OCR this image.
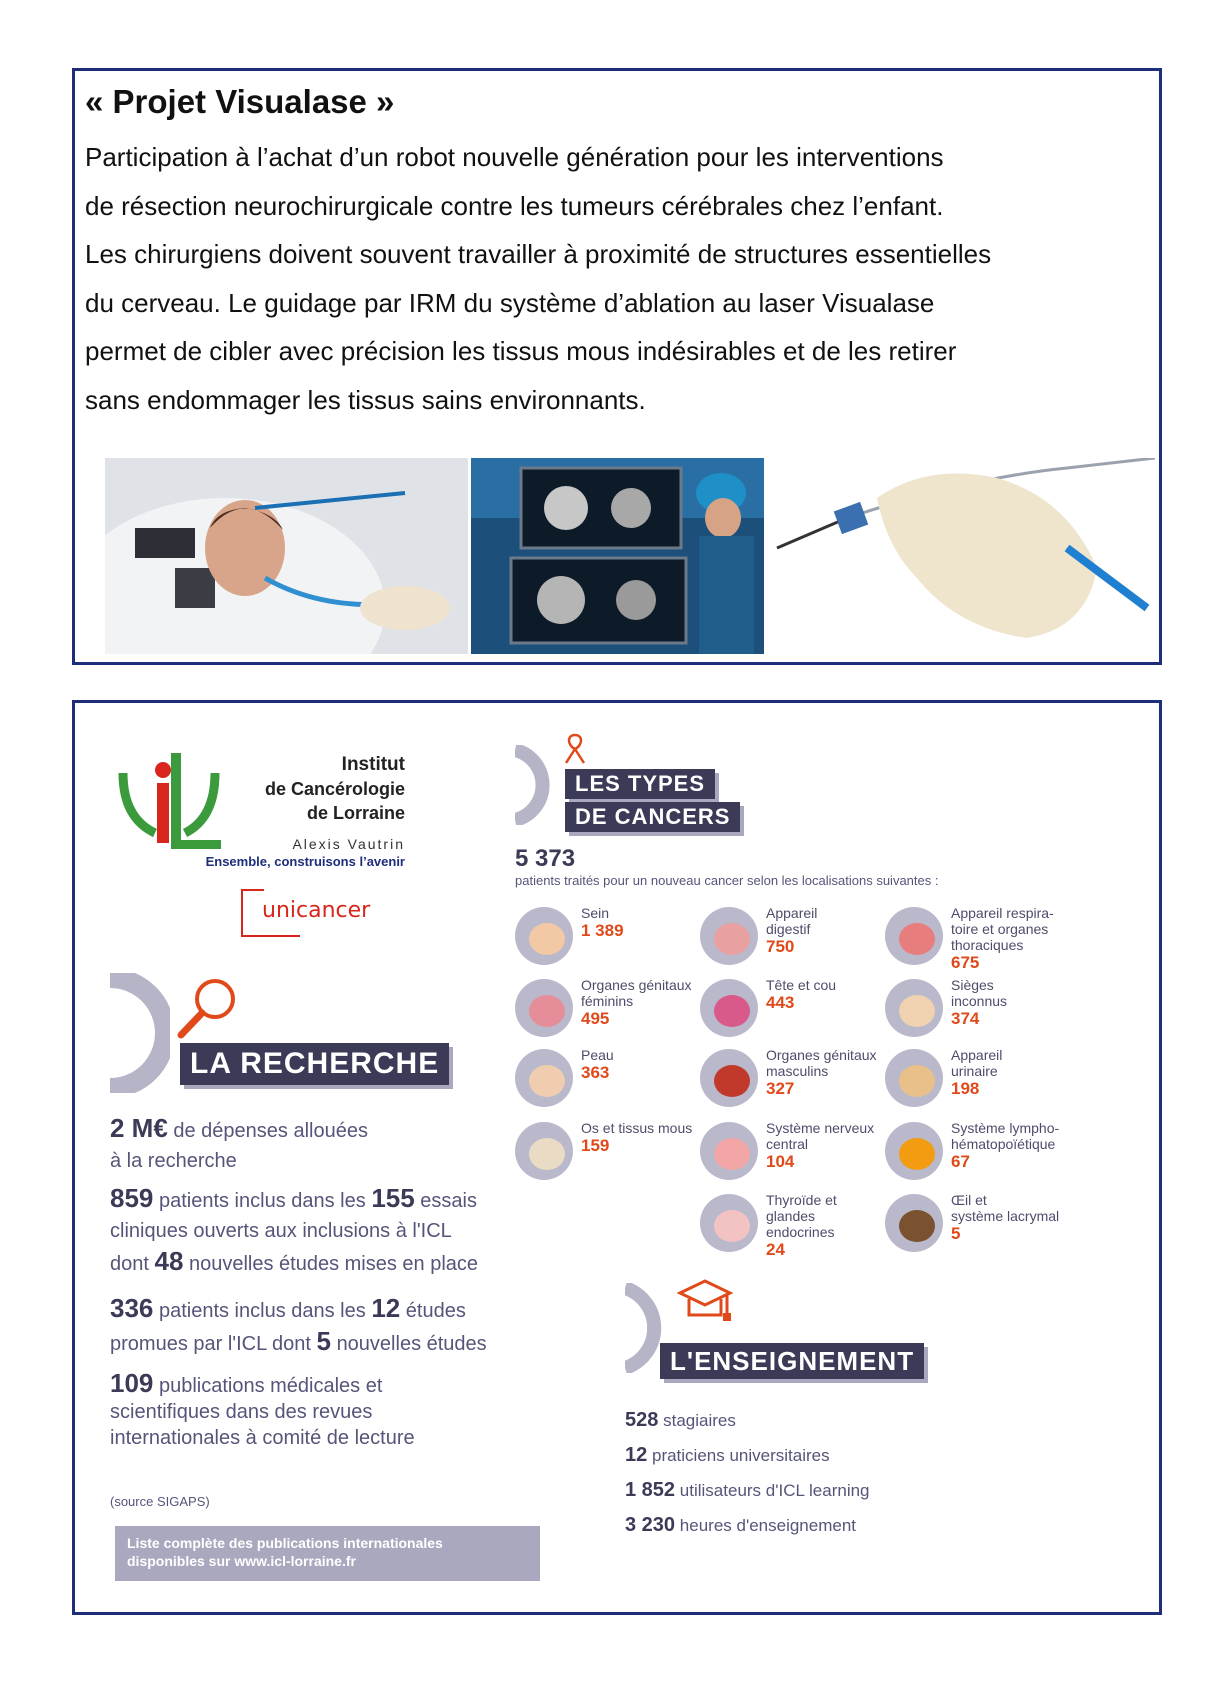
« Projet Visualase »

Participation à l’achat d’un robot nouvelle génération pour les interventions

de résection neurochirurgicale contre les tumeurs cérébrales chez l’enfant.

Les chirurgiens doivent souvent travailler à proximité de structures essentielles

du cerveau. Le guidage par IRM du système d’ablation au laser Visualase

permet de cibler avec précision les tissus mous indésirables et de les retirer

sans endommager les tissus sains environnants.

Institut
de Cancérologie
de Lorraine
Alexis Vautrin
Ensemble, construisons l’avenir
unicancer
LA RECHERCHE
2 M€ de dépenses allouées
à la recherche
859 patients inclus dans les 155 essais
cliniques ouverts aux inclusions à l'ICL
dont 48 nouvelles études mises en place
336 patients inclus dans les 12 études
promues par l'ICL dont 5 nouvelles études
109 publications médicales et
scientifiques dans des revues
internationales à comité de lecture
(source SIGAPS)
Liste complète des publications internationales
disponibles sur www.icl-lorraine.fr
LES TYPES
DE CANCERS
5 373
patients traités pour un nouveau cancer selon les localisations suivantes :
Sein
1 389
Appareil
digestif
750
Appareil respira-
toire et organes
thoraciques
675
Organes génitaux
féminins
495
Tête et cou
443
Sièges
inconnus
374
Peau
363
Organes génitaux
masculins
327
Appareil
urinaire
198
Os et tissus mous
159
Système nerveux
central
104
Système lympho-
hématopoïétique
67
Thyroïde et
glandes
endocrines
24
Œil et
système lacrymal
5
L'ENSEIGNEMENT
528 stagiaires
12 praticiens universitaires
1 852 utilisateurs d'ICL learning
3 230 heures d'enseignement
